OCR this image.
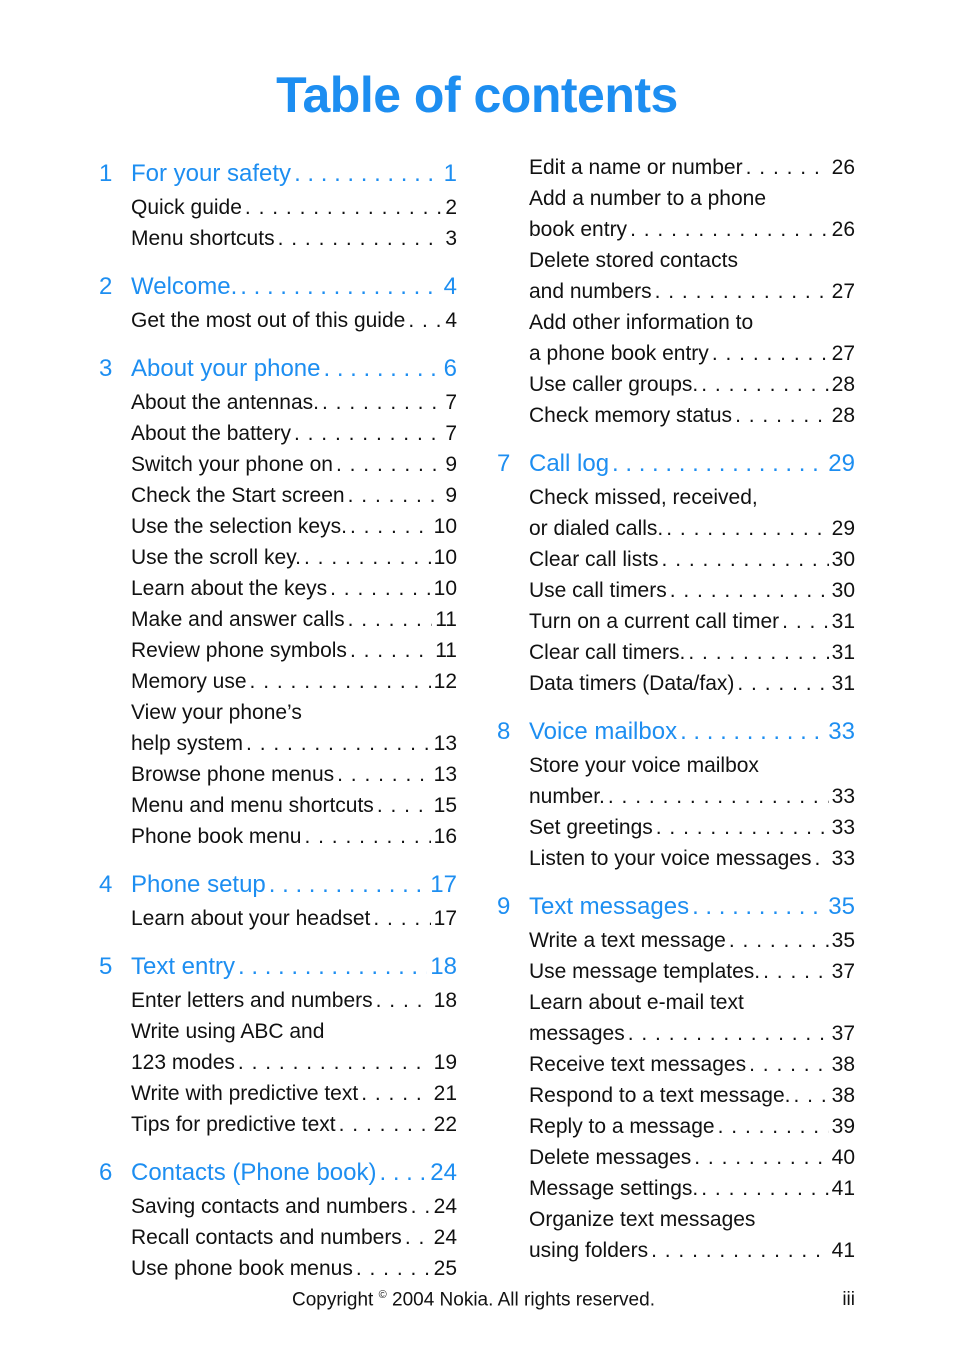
Table of contents
1 For your safety . . .	1
Quick guide . . .	2
Menu shortcuts . . .	3
2 Welcome. . . .	4
Get the most out of this guide . . . 4
3 About your phone . . .	6
About the antennas. . . .	7
About the battery . . .	7
Switch your phone on . . .	9
Check the Start screen . . .	9
Use the selection keys. . . .	10
Use the scroll key. . . .	10
Learn about the keys . . .	10
Make and answer calls . . .	11
Review phone symbols . . .	11
Memory use . . .	12
View your phone’s
help system . . .	13
Browse phone menus . . .	13
Menu and menu shortcuts . . .	15
Phone book menu . . .	16
4 Phone setup . . .	17
Learn about your headset . . .	17
5 Text entry . . .	18
Enter letters and numbers . . .	18
Write using ABC and
123 modes . . .	19
Write with predictive text . . .	21
Tips for predictive text . . .	22
6 Contacts (Phone book) . . . 24
Saving contacts and numbers . . . 24
Recall contacts and numbers . . . 24
Use phone book menus . . .	25
Edit a name or number . . .	26
Add a number to a phone
book entry . . .	26
Delete stored contacts
and numbers . . .	27
Add other information to
a phone book entry . . .	27
Use caller groups. . . .	28
Check memory status . . .	28
7 Call log . . .	29
Check missed, received,
or dialed calls. . . .	29
Clear call lists . . .	30
Use call timers . . .	30
Turn on a current call timer . . . 31
Clear call timers. . . .	31
Data timers (Data/fax) . . .	31
8 Voice mailbox . . .	33
Store your voice mailbox
number. . . .	33
Set greetings . . .	33
Listen to your voice messages . . . 33
9 Text messages . . .	35
Write a text message . . .	35
Use message templates. . . .	37
Learn about e-mail text
messages . . .	37
Receive text messages . . .	38
Respond to a text message. . . . 38
Reply to a message . . .	39
Delete messages . . .	40
Message settings. . . .	41
Organize text messages
using folders . . .	41
Copyright © 2004 Nokia. All rights reserved.	iii
